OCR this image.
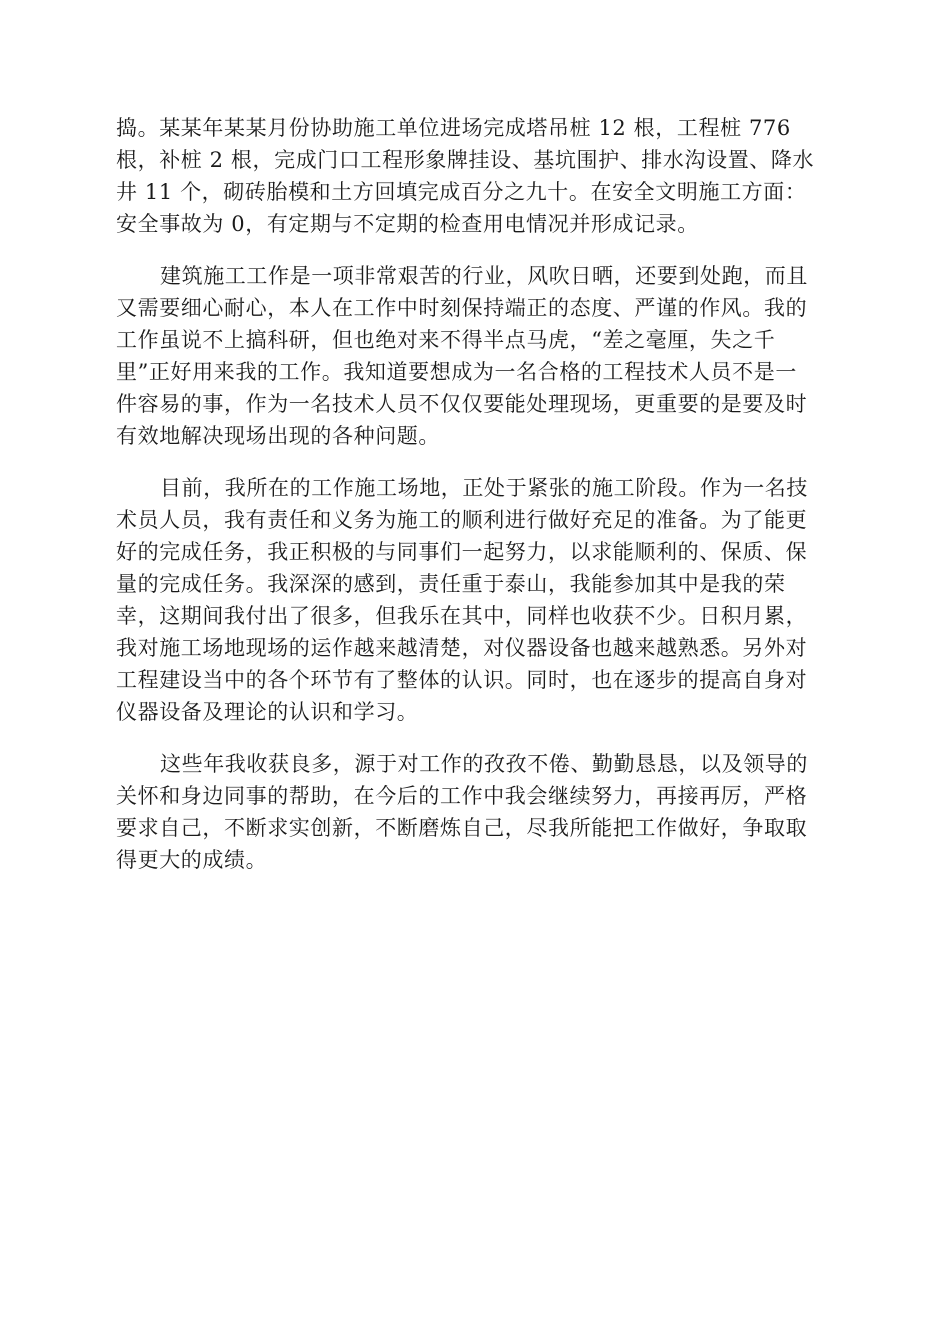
捣。某某年某某月份协助施工单位进场完成塔吊桩 12 根，工程桩 776
根，补桩 2 根，完成门口工程形象牌挂设、基坑围护、排水沟设置、降水
井 11 个，砌砖胎模和土方回填完成百分之九十。在安全文明施工方面：
安全事故为 0，有定期与不定期的检查用电情况并形成记录。
建筑施工工作是一项非常艰苦的行业，风吹日晒，还要到处跑，而且
又需要细心耐心，本人在工作中时刻保持端正的态度、严谨的作风。我的
工作虽说不上搞科研，但也绝对来不得半点马虎，“差之毫厘，失之千
里”正好用来我的工作。我知道要想成为一名合格的工程技术人员不是一
件容易的事，作为一名技术人员不仅仅要能处理现场，更重要的是要及时
有效地解决现场出现的各种问题。
目前，我所在的工作施工场地，正处于紧张的施工阶段。作为一名技
术员人员，我有责任和义务为施工的顺利进行做好充足的准备。为了能更
好的完成任务，我正积极的与同事们一起努力，以求能顺利的、保质、保
量的完成任务。我深深的感到，责任重于泰山，我能参加其中是我的荣
幸，这期间我付出了很多，但我乐在其中，同样也收获不少。日积月累，
我对施工场地现场的运作越来越清楚，对仪器设备也越来越熟悉。另外对
工程建设当中的各个环节有了整体的认识。同时，也在逐步的提高自身对
仪器设备及理论的认识和学习。
这些年我收获良多，源于对工作的孜孜不倦、勤勤恳恳，以及领导的
关怀和身边同事的帮助，在今后的工作中我会继续努力，再接再厉，严格
要求自己，不断求实创新，不断磨炼自己，尽我所能把工作做好，争取取
得更大的成绩。
